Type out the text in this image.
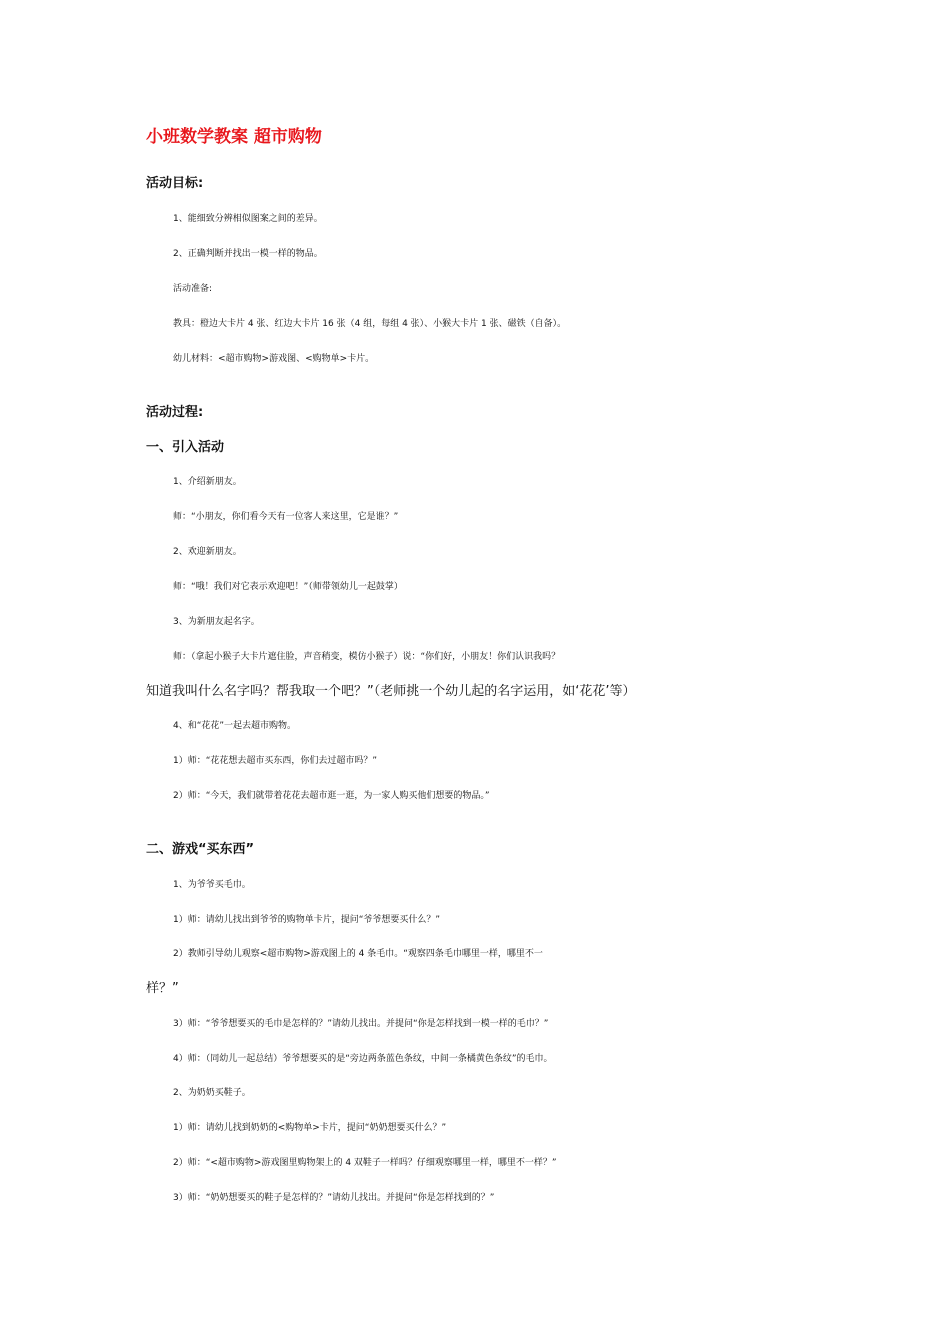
小班数学教案 超市购物
活动目标:
1、能细致分辨相似图案之间的差异。
2、正确判断并找出一模一样的物品。
活动准备:
教具：橙边大卡片 4 张、红边大卡片 16 张（4 组，每组 4 张）、小猴大卡片 1 张、磁铁（自备）。
幼儿材料：<超市购物>游戏图、<购物单>卡片。
活动过程:
一、引入活动
1、介绍新朋友。
师：“小朋友，你们看今天有一位客人来这里，它是谁？”
2、欢迎新朋友。
师：“哦！我们对它表示欢迎吧！”（师带领幼儿一起鼓掌）
3、为新朋友起名字。
师：（拿起小猴子大卡片遮住脸，声音稍变，模仿小猴子）说：“你们好，小朋友！你们认识我吗？
知道我叫什么名字吗？帮我取一个吧？”（老师挑一个幼儿起的名字运用，如‘花花’等）
4、和“花花”一起去超市购物。
1）师：“花花想去超市买东西，你们去过超市吗？”
2）师：“今天，我们就带着花花去超市逛一逛，为一家人购买他们想要的物品。”
二、游戏“买东西”
1、为爷爷买毛巾。
1）师：请幼儿找出到爷爷的购物单卡片，提问“爷爷想要买什么？”
2）教师引导幼儿观察<超市购物>游戏图上的 4 条毛巾。“观察四条毛巾哪里一样，哪里不一
样？”
3）师：“爷爷想要买的毛巾是怎样的？”请幼儿找出。并提问“你是怎样找到一模一样的毛巾？”
4）师：（同幼儿一起总结）爷爷想要买的是“旁边两条蓝色条纹，中间一条橘黄色条纹”的毛巾。
2、为奶奶买鞋子。
1）师：请幼儿找到奶奶的<购物单>卡片，提问“奶奶想要买什么？”
2）师：“<超市购物>游戏图里购物架上的 4 双鞋子一样吗？仔细观察哪里一样，哪里不一样？”
3）师：“奶奶想要买的鞋子是怎样的？”请幼儿找出。并提问“你是怎样找到的？”
